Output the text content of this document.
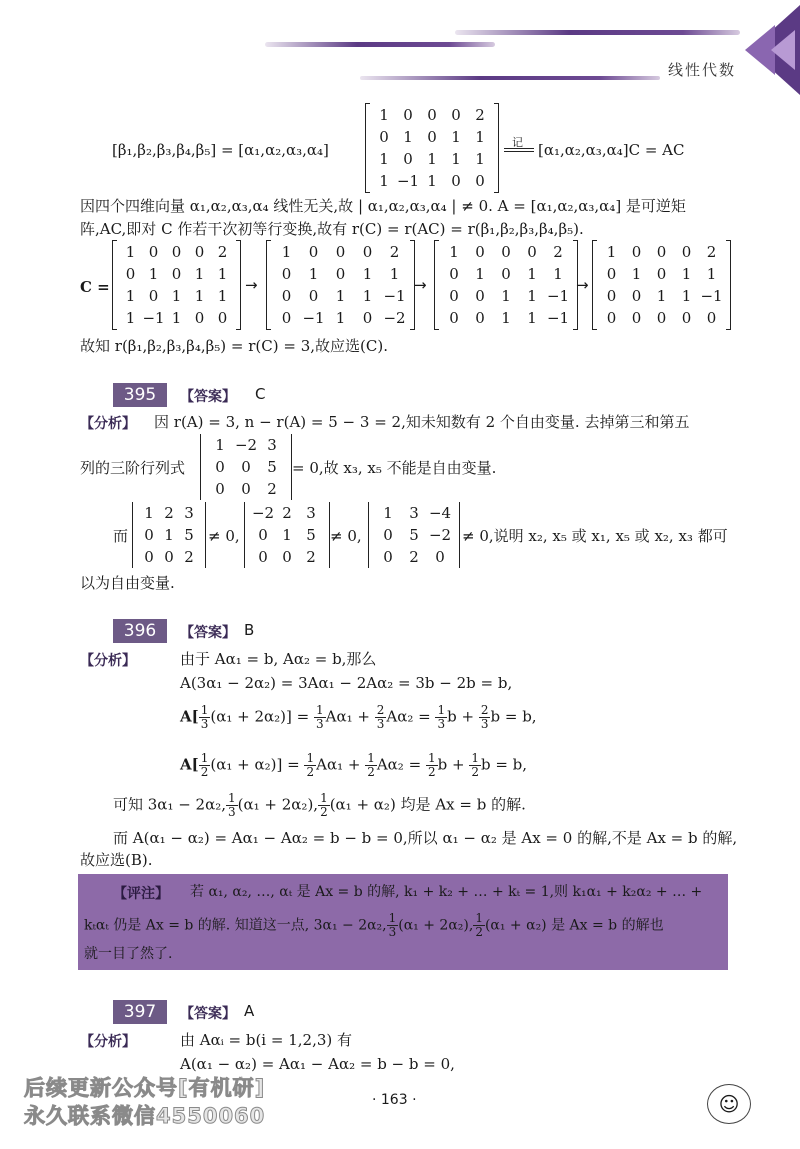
线性代数
[β₁,β₂,β₃,β₄,β₅] = [α₁,α₂,α₃,α₄]
1 0 0 0 2
0 1 0 1 1
1 0 1 1 1
1 −1 1 0 0
记 [α₁,α₂,α₃,α₄]C = AC
因四个四维向量 α₁,α₂,α₃,α₄ 线性无关,故 | α₁,α₂,α₃,α₄ | ≠ 0. A = [α₁,α₂,α₃,α₄] 是可逆矩
阵,AC,即对 C 作若干次初等行变换,故有 r(C) = r(AC) = r(β₁,β₂,β₃,β₄,β₅).
C =
1 0 0 0 2
0 1 0 1 1
1 0 1 1 1
1 −1 1 0 0
→
1	0	0	0	2
0	1	0	1	1
0	0	1	1 −1
0 −1 1	0 −2
→
1	0	0	0	2
0	1	0	1	1
0	0	1	1 −1
0	0	1	1 −1
→
1	0	0	0	2
0	1	0	1	1
0	0	1	1 −1
0	0	0	0	0
故知 r(β₁,β₂,β₃,β₄,β₅) = r(C) = 3,故应选(C).
395	【答案】 C
【分析】 因 r(A) = 3, n − r(A) = 5 − 3 = 2,知未知数有 2 个自由变量. 去掉第三和第五
列的三阶行列式
1 −2 3
0	0	5
0	0	2
= 0,故 x₃, x₅ 不能是自由变量.
而
1 2 3
0 1 5
0 0 2
≠ 0,
−2 2 3
0 1 5
0 0 2
≠ 0,
1	3 −4
0	5 −2
0	2	0
≠ 0,说明 x₂, x₅ 或 x₁, x₅ 或 x₂, x₃ 都可
以为自由变量.
396	【答案】 B
【分析】	由于 Aα₁ = b, Aα₂ = b,那么
A(3α₁ − 2α₂) = 3Aα₁ − 2Aα₂ = 3b − 2b = b,
$A[ \frac{1}{3} (\alpha_1 + 2\alpha_2)] = \frac{1}{3} A\alpha_1 + \frac{2}{3} A\alpha_2 = \frac{1}{3}$ $b + \frac{2}{3}$ b = b,
$A[ \frac{1}{2} (\alpha_1 + \alpha_2)] = \frac{1}{2} A\alpha_1 + \frac{1}{2} A\alpha_2 = \frac{1}{2}$ $b + \frac{1}{2}$ b = b,
可知 3α₁ − 2α₂, $\frac{1}{3} (\alpha_1 + 2\alpha_2)$, $\frac{1}{2} (\alpha_1 + \alpha_2)$ 均是 Ax = b 的解.
而 A(α₁ − α₂) = Aα₁ − Aα₂ = b − b = 0,所以 α₁ − α₂ 是 Ax = 0 的解,不是 Ax = b 的解,
故应选(B).
【评注】 若 α₁, α₂, …, αₜ 是 Ax = b 的解, k₁ + k₂ + … + kₜ = 1,则 k₁α₁ + k₂α₂ + … +
kₜαₜ 仍是 Ax = b 的解. 知道这一点, 3α₁ − 2α₂, $\frac{1}{3} (\alpha_1 + 2\alpha_2)$, $\frac{1}{2} (\alpha_1 + \alpha_2)$ 是 Ax = b 的解也
就一目了然了.
397	【答案】 A
【分析】	由 Aαᵢ = b(i = 1,2,3) 有
A(α₁ − α₂) = Aα₁ − Aα₂ = b − b = 0,
· 163 ·	☺
后续更新公众号[有机研]
永久联系微信4550060
